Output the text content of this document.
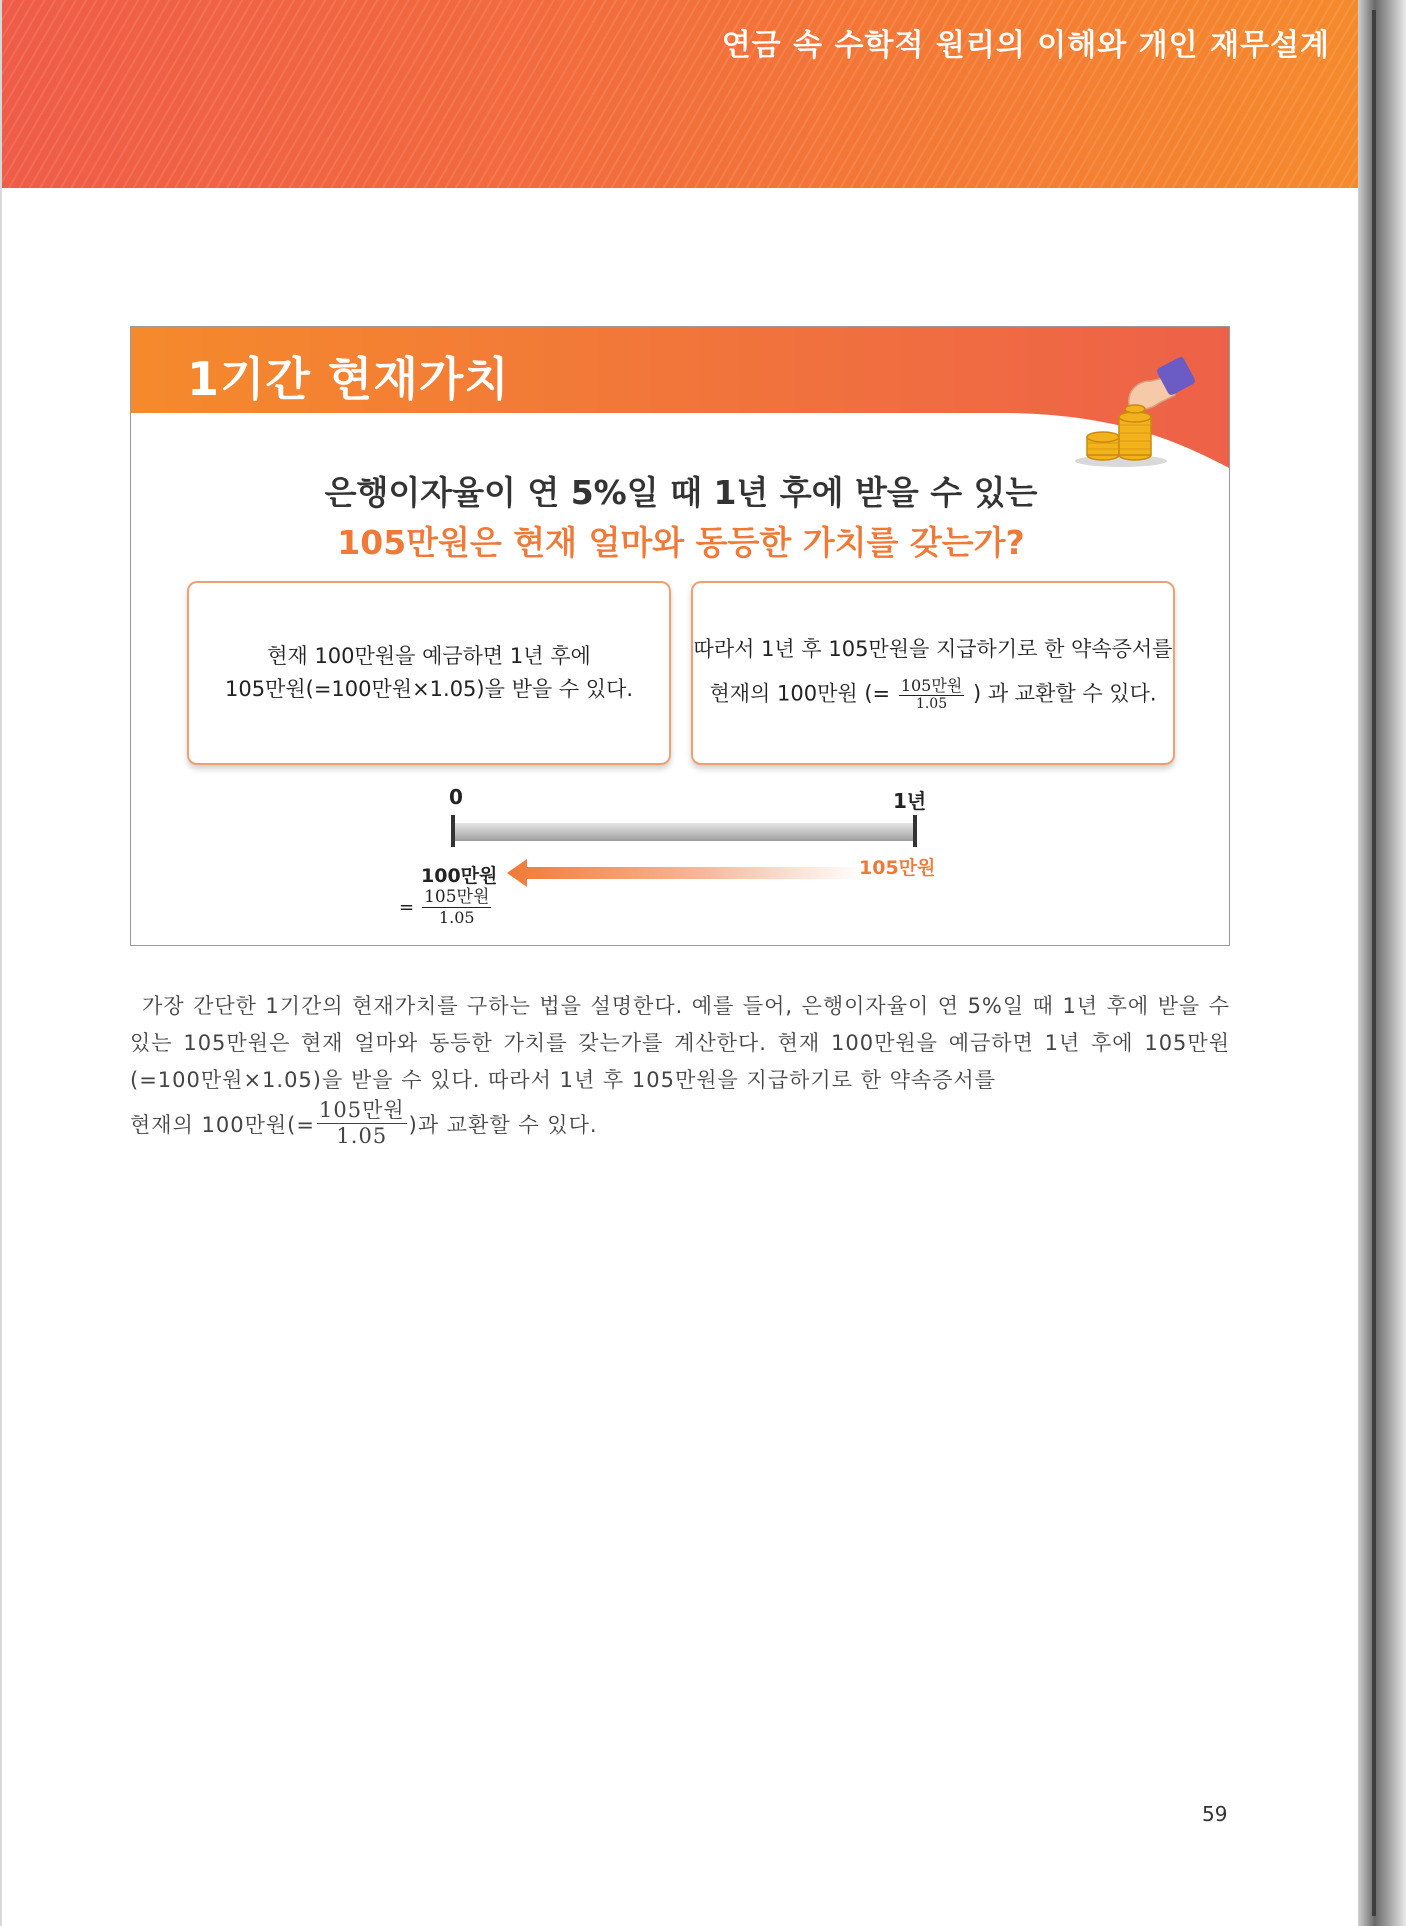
연금 속 수학적 원리의 이해와 개인 재무설계
1기간 현재가치
은행이자율이 연 5%일 때 1년 후에 받을 수 있는
105만원은 현재 얼마와 동등한 가치를 갖는가?
현재 100만원을 예금하면 1년 후에
105만원(=100만원×1.05)을 받을 수 있다.
따라서 1년 후 105만원을 지급하기로 한 약속증서를
현재의 100만원 (= $\frac{\text{105만원}}{1.05}$ ) 과 교환할 수 있다.
0	1년
100만원	105만원
= $\frac{\text{105만원}}{1.05}$
가장 간단한 1기간의 현재가치를 구하는 법을 설명한다. 예를 들어, 은행이자율이 연 5%일 때 1년 후에 받을 수 있는 105만원은 현재 얼마와 동등한 가치를 갖는가를 계산한다. 현재 100만원을 예금하면 1년 후에 105만원(=100만원×1.05)을 받을 수 있다. 따라서 1년 후 105만원을 지급하기로 한 약속증서를
현재의 100만원(= $\frac{\text{105만원}}{1.05}$ )과 교환할 수 있다.
59
